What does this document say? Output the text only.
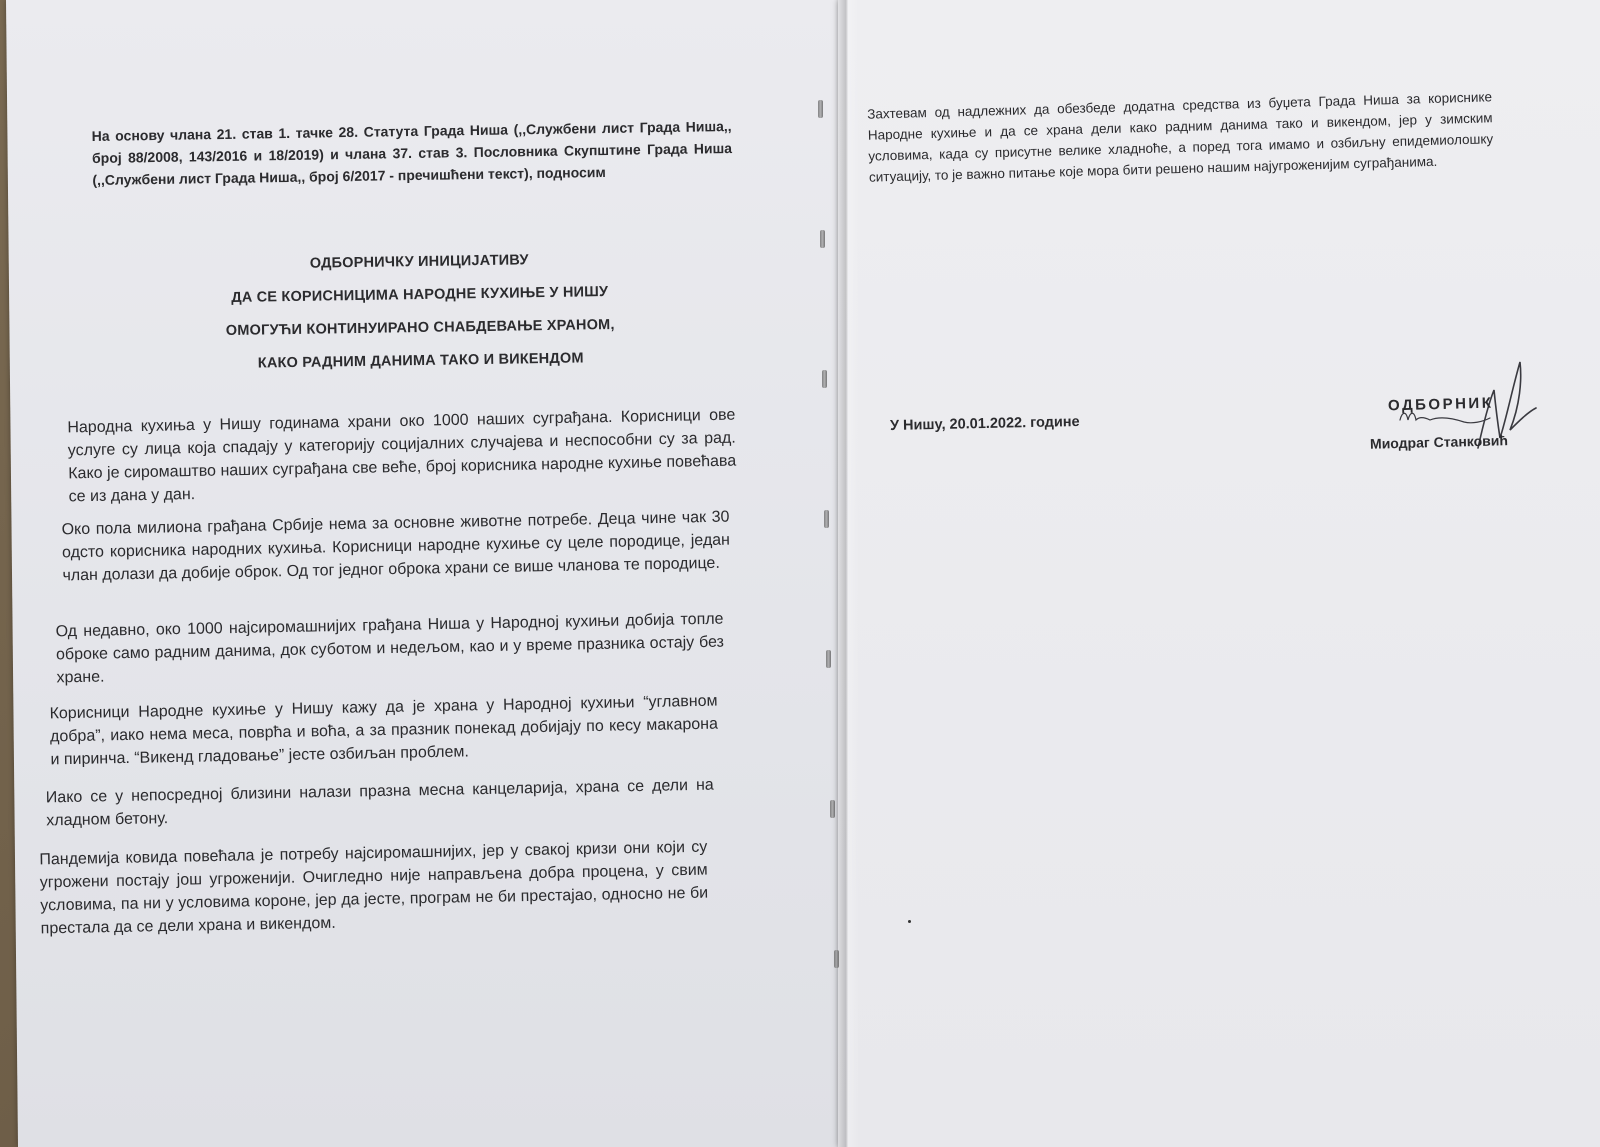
На основу члана 21. став 1. тачке 28. Статута Града Ниша (,,Службени лист Града Ниша,, број 88/2008, 143/2016 и 18/2019) и члана 37. став 3. Пословника Скупштине Града Ниша (,,Службени лист Града Ниша,, број 6/2017 - пречишћени текст), подносим
ОДБОРНИЧКУ ИНИЦИЈАТИВУ
ДА СЕ КОРИСНИЦИМА НАРОДНЕ КУХИЊЕ У НИШУ
ОМОГУЋИ КОНТИНУИРАНО СНАБДЕВАЊЕ ХРАНОМ,
КАКО РАДНИМ ДАНИМА ТАКО И ВИКЕНДОМ
Народна кухиња у Нишу годинама храни око 1000 наших суграђана. Корисници ове услуге су лица која спадају у категорију социјалних случајева и неспособни су за рад. Како је сиромаштво наших суграђана све веће, број корисника народне кухиње повећава се из дана у дан.
Око пола милиона грађана Србије нема за основне животне потребе. Деца чине чак 30 одсто корисника народних кухиња. Корисници народне кухиње су целе породице, један члан долази да добије оброк. Од тог једног оброка храни се више чланова те породице.
Од недавно, око 1000 најсиромашнијих грађана Ниша у Народној кухињи добија топле оброке само радним данима, док суботом и недељом, као и у време празника остају без хране.
Корисници Народне кухиње у Нишу кажу да је храна у Народној кухињи “углавном добра”, иако нема меса, поврћа и воћа, а за празник понекад добијају по кесу макарона и пиринча. “Викенд гладовање” јесте озбиљан проблем.
Иако се у непосредној близини налази празна месна канцеларија, храна се дели на хладном бетону.
Пандемија ковида повећала је потребу најсиромашнијих, јер у свакој кризи они који су угрожени постају још угроженији. Очигледно није направљена добра процена, у свим условима, па ни у условима короне, јер да јесте, програм не би престајао, односно не би престала да се дели храна и викендом.
Захтевам од надлежних да обезбеде додатна средства из буџета Града Ниша за кориснике Народне кухиње и да се храна дели како радним данима тако и викендом, јер у зимским условима, када су присутне велике хладноће, а поред тога имамо и озбиљну епидемиолошку ситуацију, то је важно питање које мора бити решено нашим најугроженијим суграђанима.
У Нишу, 20.01.2022. године
ОДБОРНИК
Миодраг Станковић
